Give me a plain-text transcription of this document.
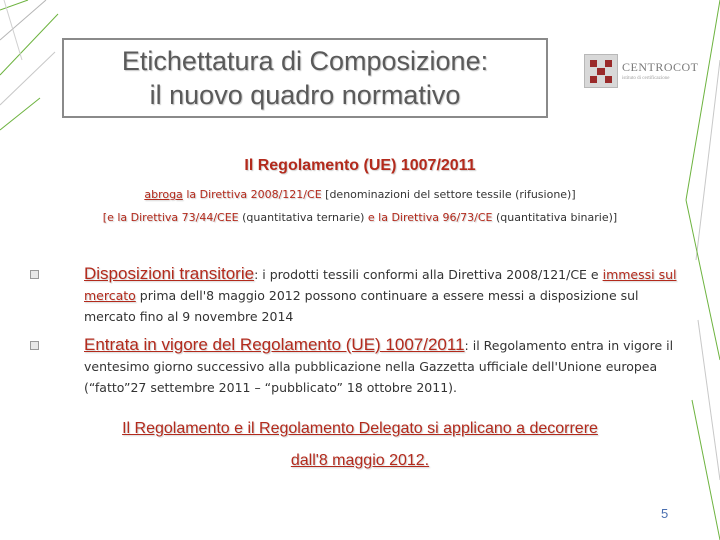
Etichettatura di Composizione:
il nuovo quadro normativo
CENTROCOT
istituto di certificazione
Il Regolamento (UE) 1007/2011
abroga la Direttiva 2008/121/CE [denominazioni del settore tessile (rifusione)]
[e la Direttiva 73/44/CEE (quantitativa ternarie) e la Direttiva 96/73/CE (quantitativa binarie)]
Disposizioni transitorie: i prodotti tessili conformi alla Direttiva 2008/121/CE e immessi sul mercato prima dell'8 maggio 2012 possono continuare a essere messi a disposizione sul mercato fino al 9 novembre 2014
Entrata in vigore del Regolamento (UE) 1007/2011: il Regolamento entra in vigore il ventesimo giorno successivo alla pubblicazione nella Gazzetta ufficiale dell'Unione europea (“fatto”27 settembre 2011 – “pubblicato” 18 ottobre 2011).
Il Regolamento e il Regolamento Delegato si applicano a decorrere
dall'8 maggio 2012.
5
